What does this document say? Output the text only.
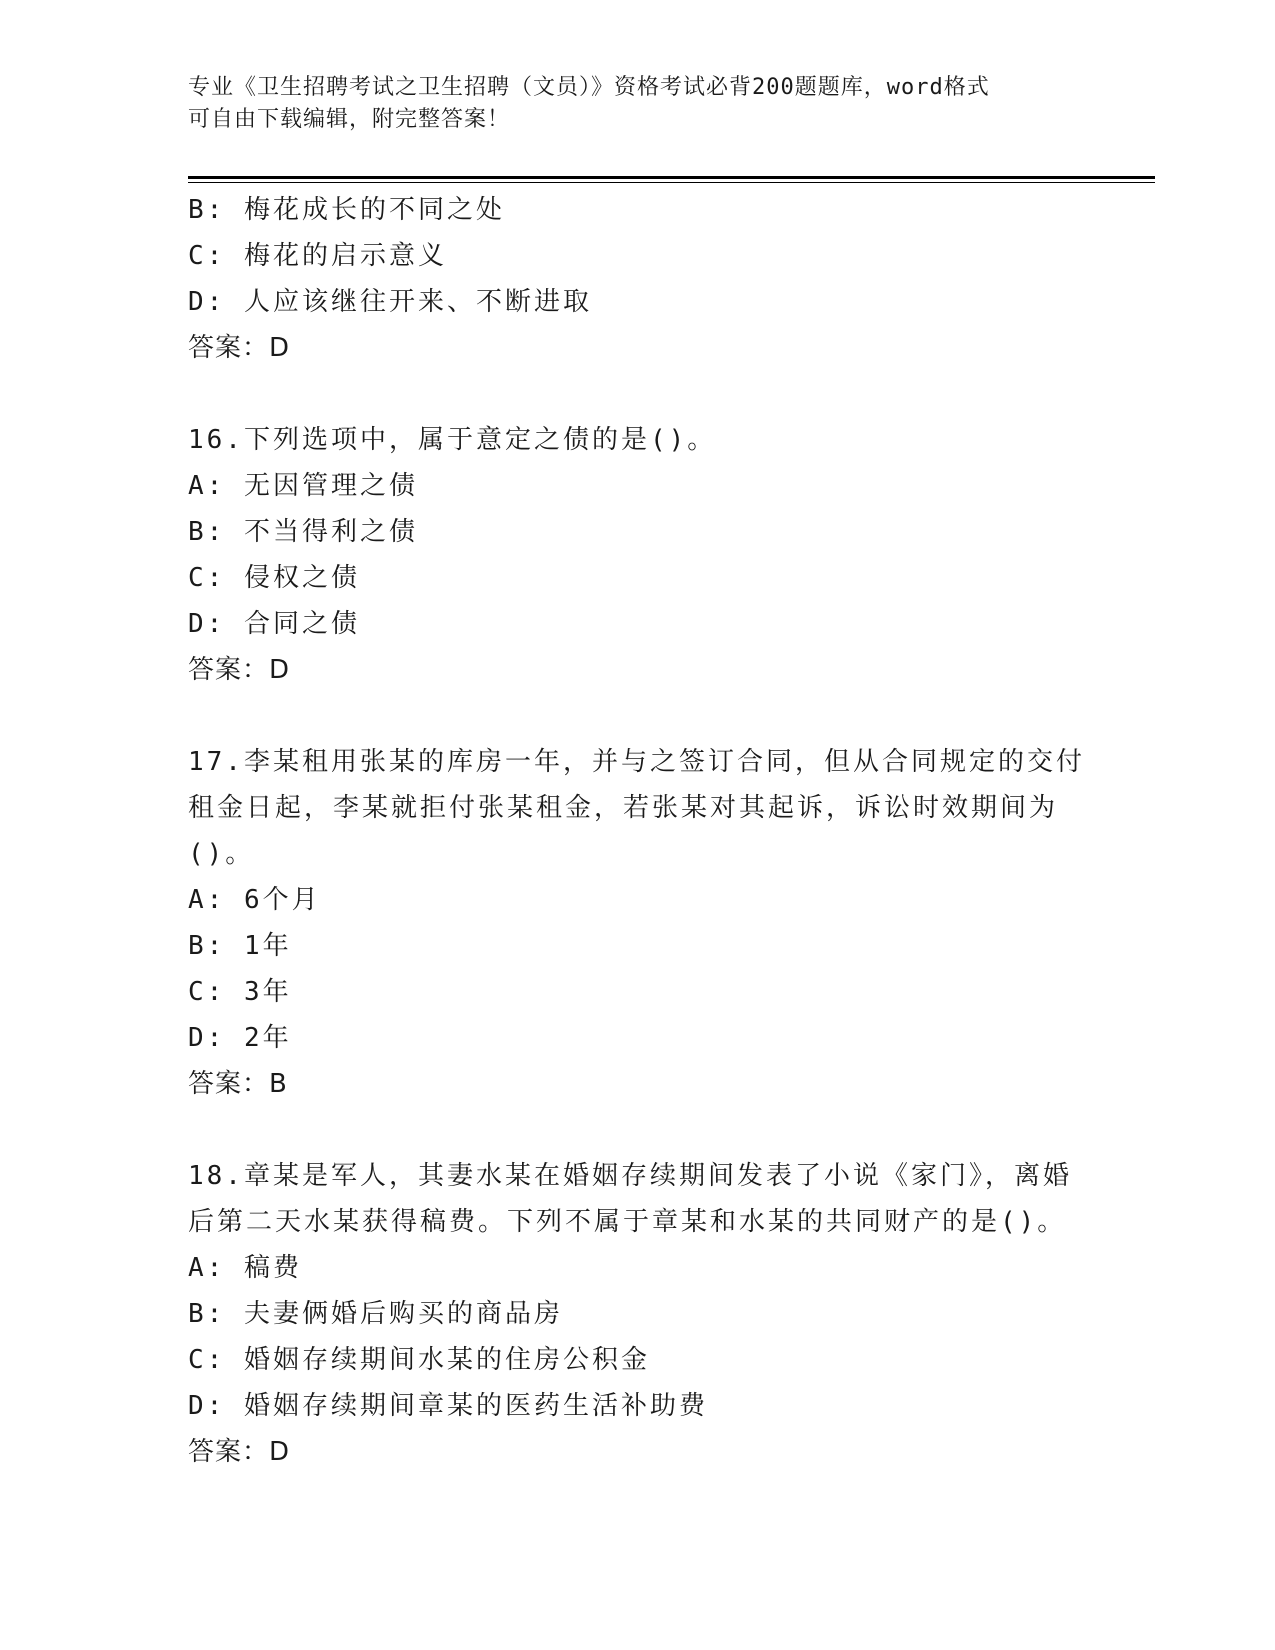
专业《卫生招聘考试之卫生招聘（文员）》资格考试必背200题题库，word格式
可自由下载编辑，附完整答案！
B: 梅花成长的不同之处
C: 梅花的启示意义
D: 人应该继往开来、不断进取
答案：D
16.下列选项中，属于意定之债的是()。
A: 无因管理之债
B: 不当得利之债
C: 侵权之债
D: 合同之债
答案：D
17.李某租用张某的库房一年，并与之签订合同，但从合同规定的交付
租金日起，李某就拒付张某租金，若张某对其起诉，诉讼时效期间为
()。
A: 6个月
B: 1年
C: 3年
D: 2年
答案：B
18.章某是军人，其妻水某在婚姻存续期间发表了小说《家门》，离婚
后第二天水某获得稿费。下列不属于章某和水某的共同财产的是()。
A: 稿费
B: 夫妻俩婚后购买的商品房
C: 婚姻存续期间水某的住房公积金
D: 婚姻存续期间章某的医药生活补助费
答案：D
